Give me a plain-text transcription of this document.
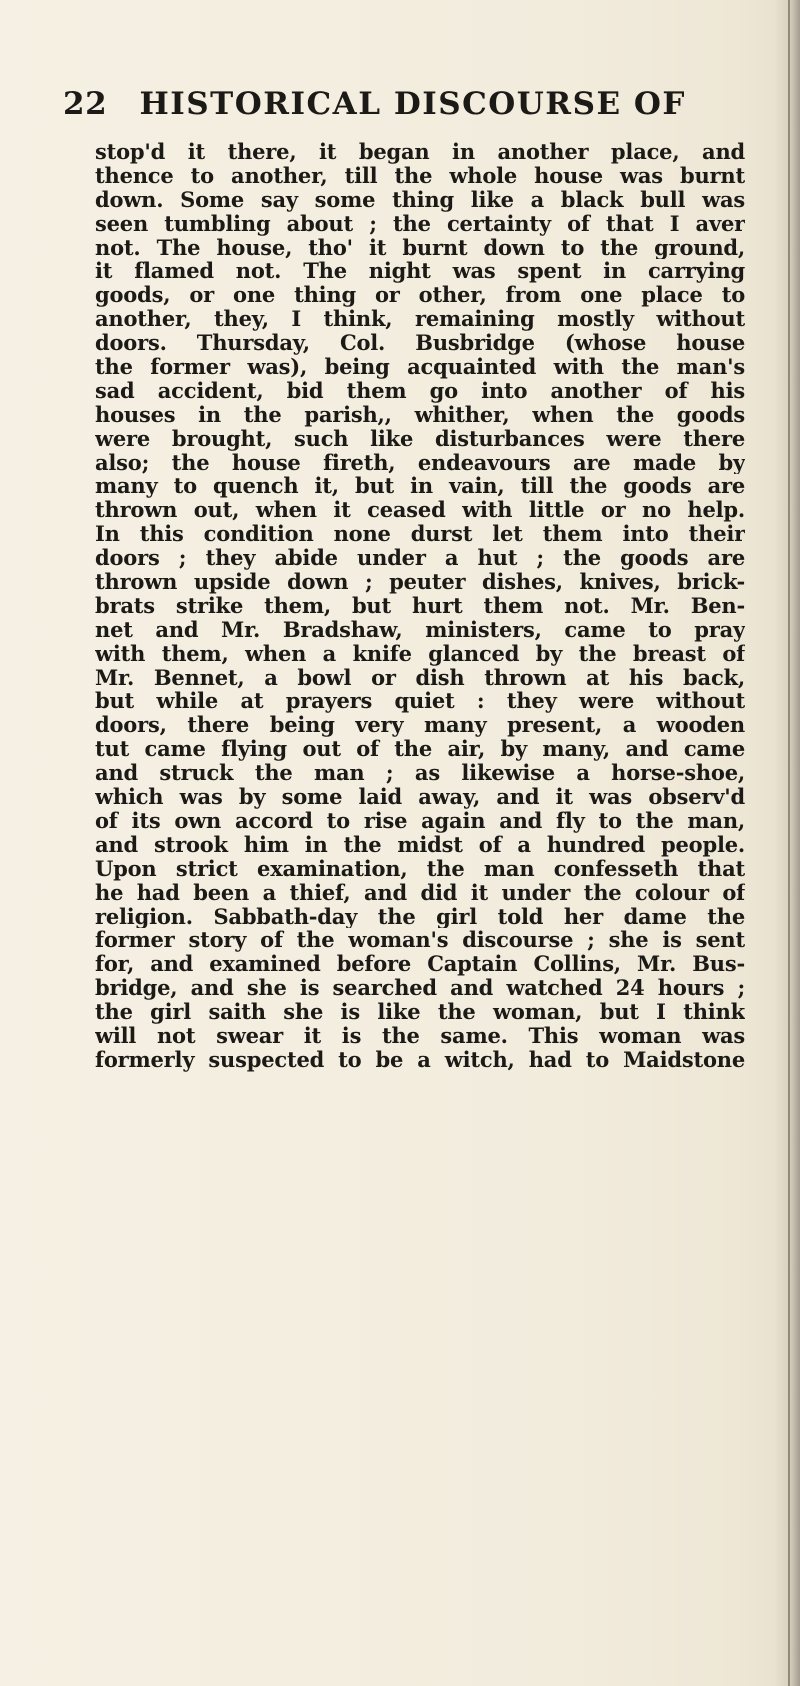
22 HISTORICAL DISCOURSE OF
stop'd it there, it began in another place, and
thence to another, till the whole house was burnt
down. Some say some thing like a black bull was
seen tumbling about ; the certainty of that I aver
not. The house, tho' it burnt down to the ground,
it flamed not. The night was spent in carrying
goods, or one thing or other, from one place to
another, they, I think, remaining mostly without
doors. Thursday, Col. Busbridge (whose house
the former was), being acquainted with the man's
sad accident, bid them go into another of his
houses in the parish,, whither, when the goods
were brought, such like disturbances were there
also; the house fireth, endeavours are made by
many to quench it, but in vain, till the goods are
thrown out, when it ceased with little or no help.
In this condition none durst let them into their
doors ; they abide under a hut ; the goods are
thrown upside down ; peuter dishes, knives, brick-
brats strike them, but hurt them not. Mr. Ben-
net and Mr. Bradshaw, ministers, came to pray
with them, when a knife glanced by the breast of
Mr. Bennet, a bowl or dish thrown at his back,
but while at prayers quiet : they were without
doors, there being very many present, a wooden
tut came flying out of the air, by many, and came
and struck the man ; as likewise a horse-shoe,
which was by some laid away, and it was observ'd
of its own accord to rise again and fly to the man,
and strook him in the midst of a hundred people.
Upon strict examination, the man confesseth that
he had been a thief, and did it under the colour of
religion. Sabbath-day the girl told her dame the
former story of the woman's discourse ; she is sent
for, and examined before Captain Collins, Mr. Bus-
bridge, and she is searched and watched 24 hours ;
the girl saith she is like the woman, but I think
will not swear it is the same. This woman was
formerly suspected to be a witch, had to Maidstone
